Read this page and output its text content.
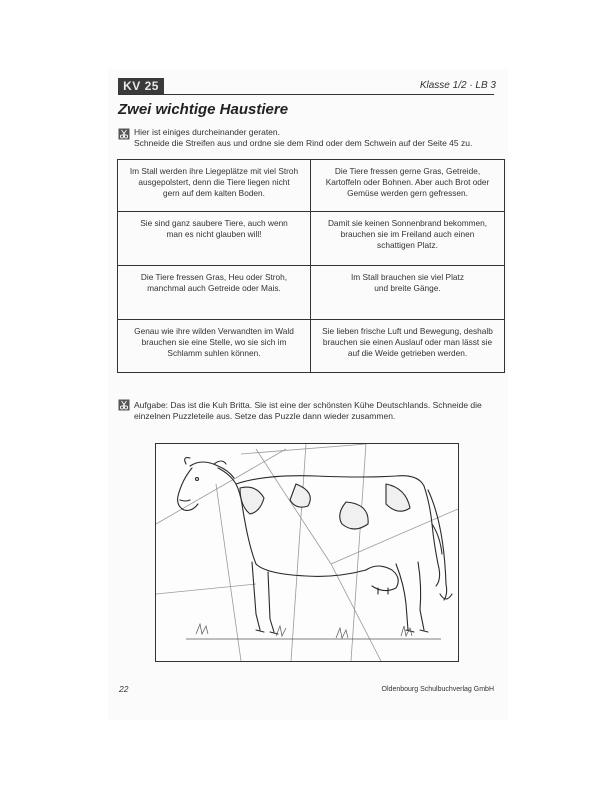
KV 25	Klasse 1/2 · LB 3
Zwei wichtige Haustiere
Hier ist einiges durcheinander geraten.
Schneide die Streifen aus und ordne sie dem Rind oder dem Schwein auf der Seite 45 zu.
Im Stall werden ihre Liegeplätze mit viel Stroh
ausgepolstert, denn die Tiere liegen nicht
gern auf dem kalten Boden.
Die Tiere fressen gerne Gras, Getreide,
Kartoffeln oder Bohnen. Aber auch Brot oder
Gemüse werden gern gefressen.
Sie sind ganz saubere Tiere, auch wenn
man es nicht glauben will!
Damit sie keinen Sonnenbrand bekommen,
brauchen sie im Freiland auch einen
schattigen Platz.
Die Tiere fressen Gras, Heu oder Stroh,
manchmal auch Getreide oder Mais.
Im Stall brauchen sie viel Platz
und breite Gänge.
Genau wie ihre wilden Verwandten im Wald
brauchen sie eine Stelle, wo sie sich im
Schlamm suhlen können.
Sie lieben frische Luft und Bewegung, deshalb
brauchen sie einen Auslauf oder man lässt sie
auf die Weide getrieben werden.
Aufgabe: Das ist die Kuh Britta. Sie ist eine der schönsten Kühe Deutschlands. Schneide die
einzelnen Puzzleteile aus. Setze das Puzzle dann wieder zusammen.
22	Oldenbourg Schulbuchverlag GmbH
